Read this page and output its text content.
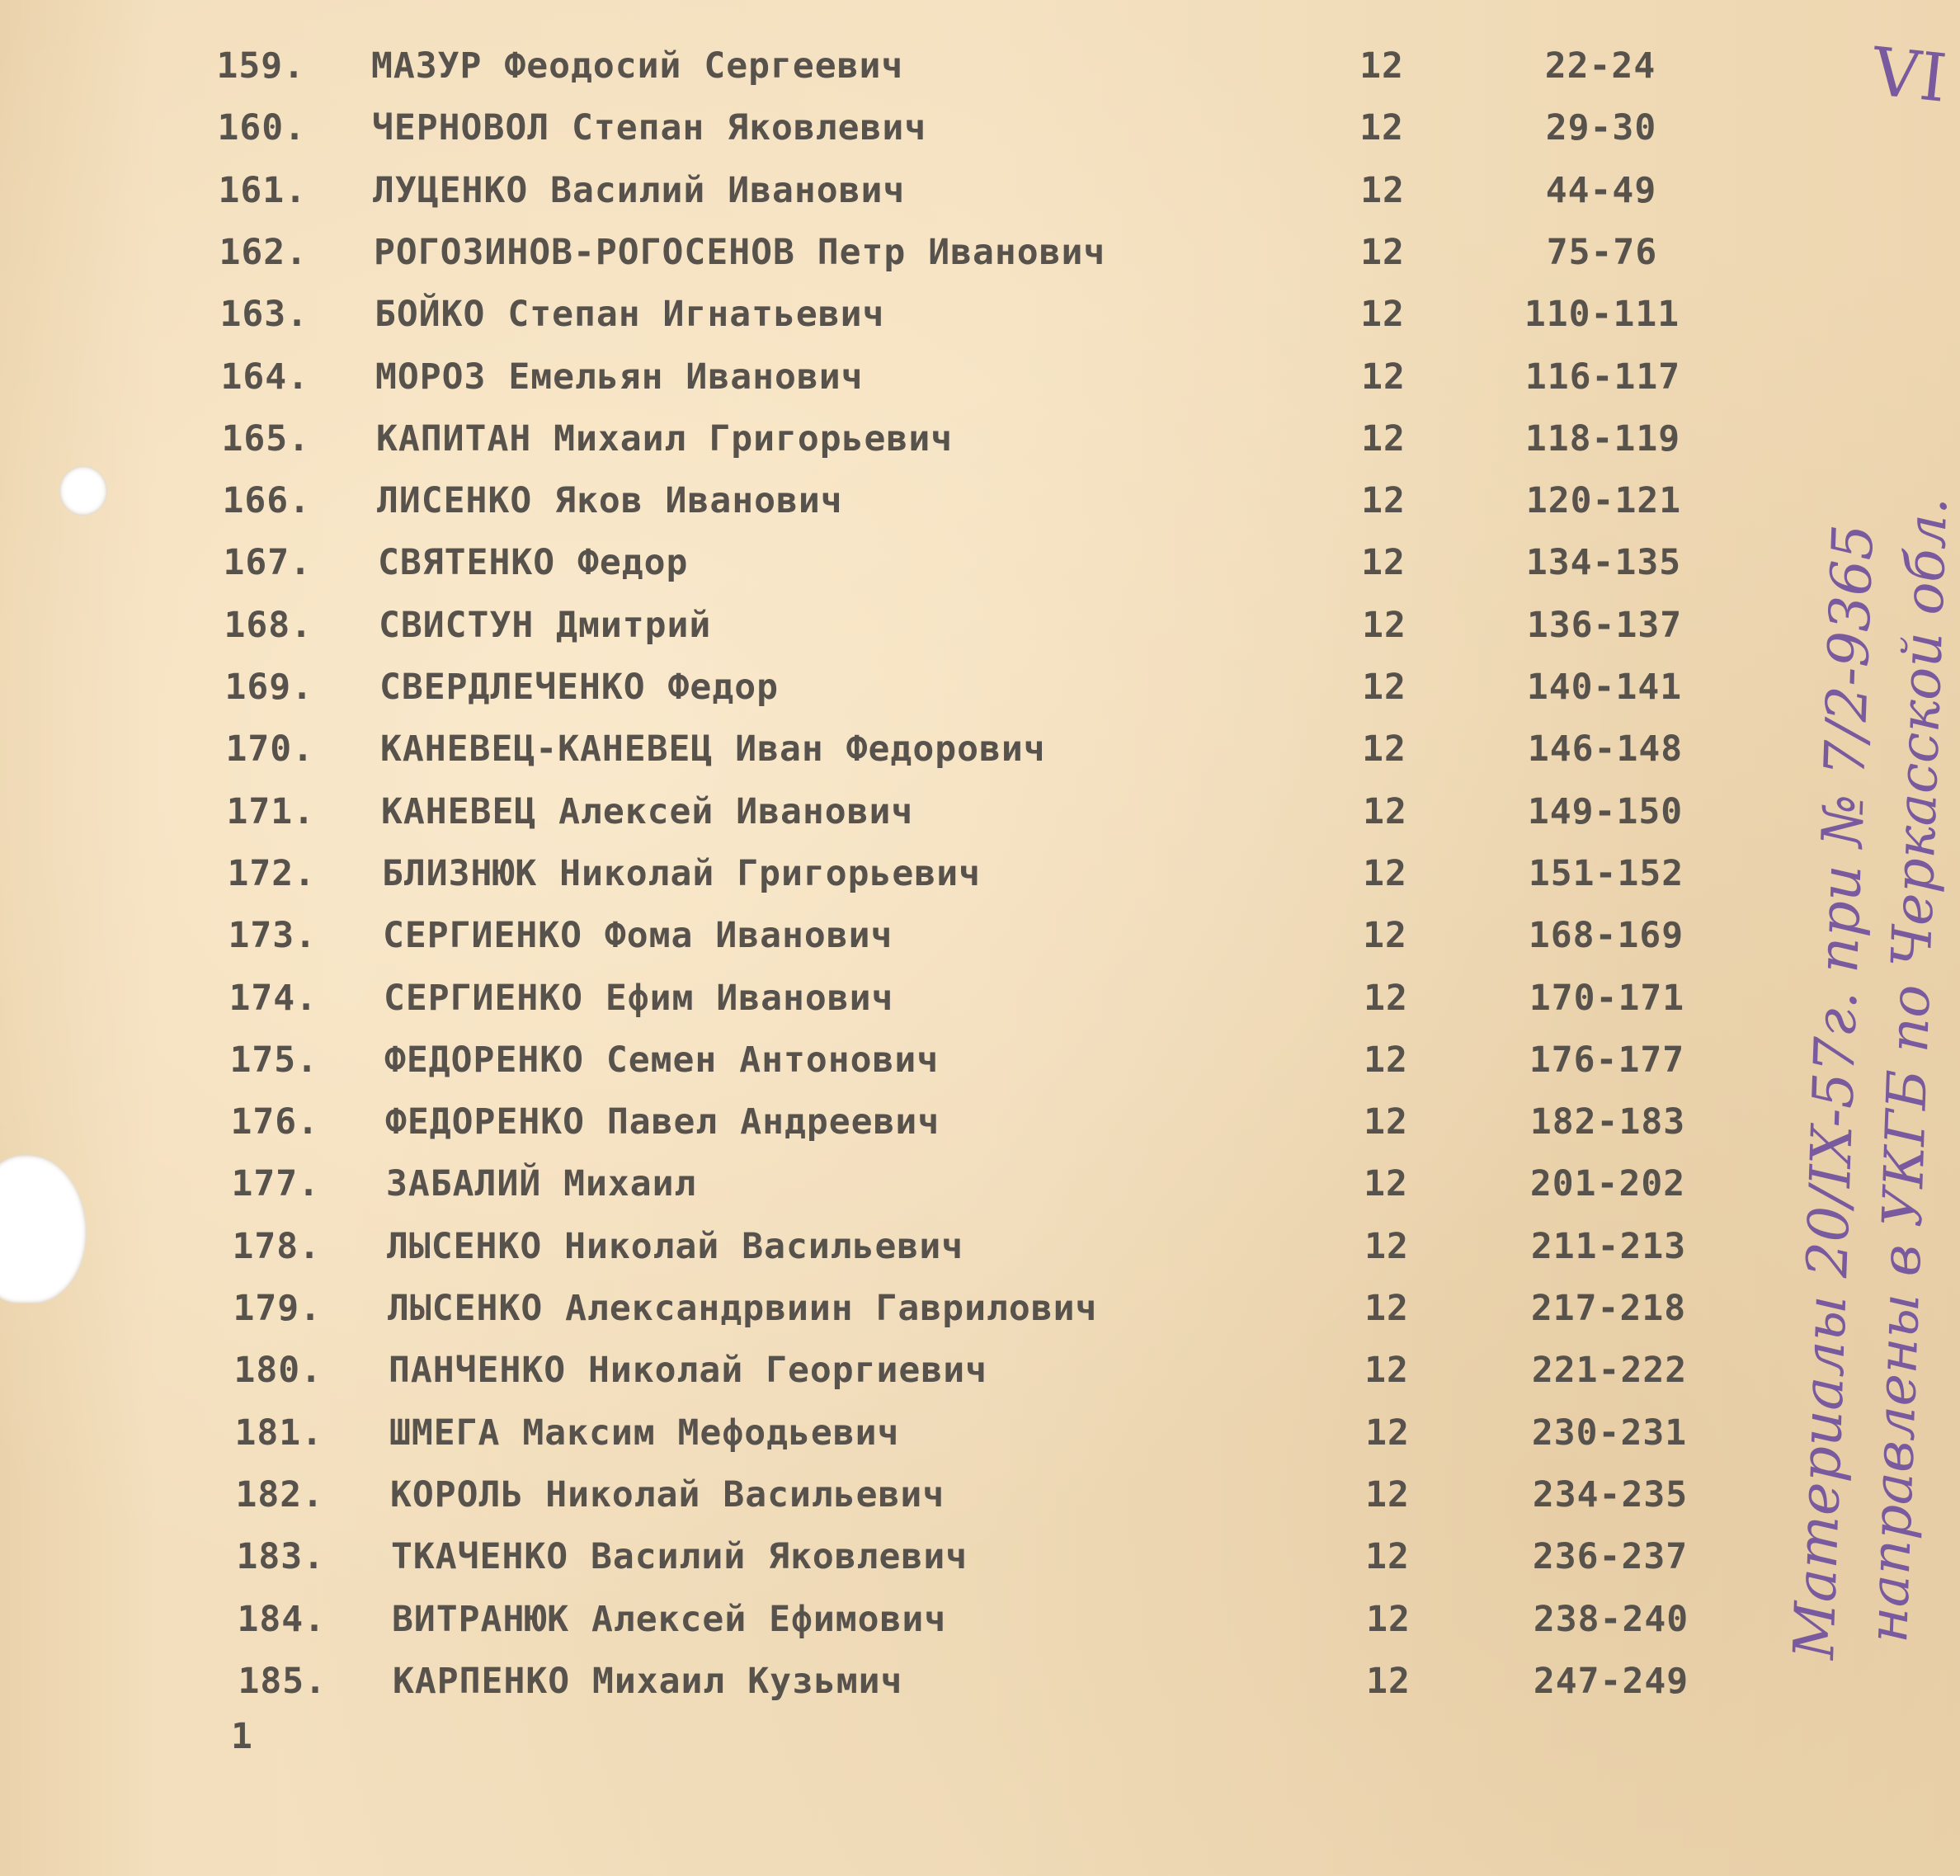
159. МАЗУР Феодосий Сергеевич	12	22-24
160. ЧЕРНОВОЛ Степан Яковлевич	12	29-30
161. ЛУЦЕНКО Василий Иванович	12	44-49
162. РОГОЗИНОВ-РОГОСЕНОВ Петр Иванович	12	75-76
163. БОЙКО Степан Игнатьевич	12	110-111
164. МОРОЗ Емельян Иванович	12	116-117
165. КАПИТАН Михаил Григорьевич	12	118-119
166. ЛИСЕНКО Яков Иванович	12	120-121
167. СВЯТЕНКО Федор	12	134-135
168. СВИСТУН Дмитрий	12	136-137
169. СВЕРДЛЕЧЕНКО Федор	12	140-141
170. КАНЕВЕЦ-КАНЕВЕЦ Иван Федорович	12	146-148
171. КАНЕВЕЦ Алексей Иванович	12	149-150
172. БЛИЗНЮК Николай Григорьевич	12	151-152
173. СЕРГИЕНКО Фома Иванович	12	168-169
174. СЕРГИЕНКО Ефим Иванович	12	170-171
175. ФЕДОРЕНКО Семен Антонович	12	176-177
176. ФЕДОРЕНКО Павел Андреевич	12	182-183
177. ЗАБАЛИЙ Михаил	12	201-202
178. ЛЫСЕНКО Николай Васильевич	12	211-213
179. ЛЫСЕНКО Александрвиин Гаврилович	12	217-218
180. ПАНЧЕНКО Николай Георгиевич	12	221-222
181. ШМЕГА Максим Мефодьевич	12	230-231
182. КОРОЛЬ Николай Васильевич	12	234-235
183. ТКАЧЕНКО Василий Яковлевич	12	236-237
184. ВИТРАНЮК Алексей Ефимович	12	238-240
185. КАРПЕНКО Михаил Кузьмич	12	247-249
1
Материалы 20/IX-57г. при № 7/2-9365
направлены в УКГБ по Черкасской обл.
VI
